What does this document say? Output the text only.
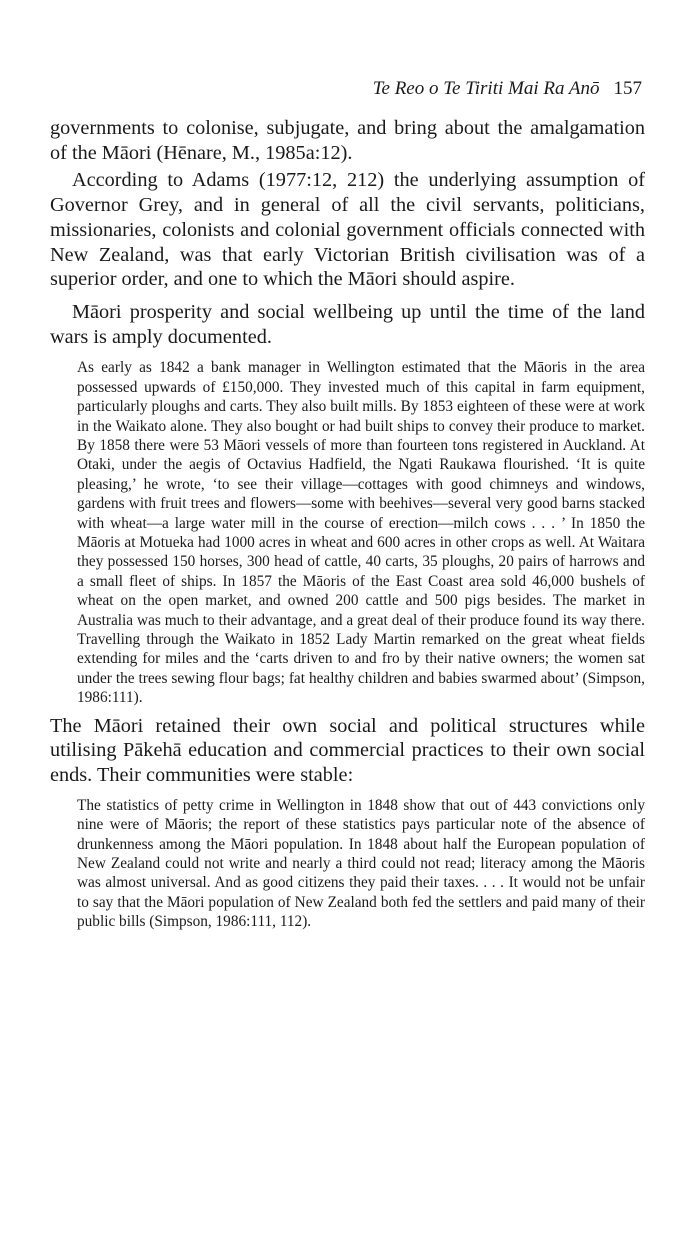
Te Reo o Te Tiriti Mai Ra Anō 157

governments to colonise, subjugate, and bring about the amalgamation of the Māori (Hēnare, M., 1985a:12).

According to Adams (1977:12, 212) the underlying assumption of Governor Grey, and in general of all the civil servants, politicians, missionaries, colonists and colonial government officials connected with New Zealand, was that early Victorian British civilisation was of a superior order, and one to which the Māori should aspire.

Māori prosperity and social wellbeing up until the time of the land wars is amply documented.

As early as 1842 a bank manager in Wellington estimated that the Māoris in the area possessed upwards of £150,000. They invested much of this capital in farm equipment, particularly ploughs and carts. They also built mills. By 1853 eighteen of these were at work in the Waikato alone. They also bought or had built ships to convey their produce to market. By 1858 there were 53 Māori vessels of more than fourteen tons registered in Auckland. At Otaki, under the aegis of Octavius Hadfield, the Ngati Raukawa flourished. ‘It is quite pleasing,’ he wrote, ‘to see their village—cottages with good chimneys and windows, gardens with fruit trees and flowers—some with beehives—several very good barns stacked with wheat—a large water mill in the course of erection—milch cows . . . ’ In 1850 the Māoris at Motueka had 1000 acres in wheat and 600 acres in other crops as well. At Waitara they possessed 150 horses, 300 head of cattle, 40 carts, 35 ploughs, 20 pairs of harrows and a small fleet of ships. In 1857 the Māoris of the East Coast area sold 46,000 bushels of wheat on the open market, and owned 200 cattle and 500 pigs besides. The market in Australia was much to their advantage, and a great deal of their produce found its way there. Travelling through the Waikato in 1852 Lady Martin remarked on the great wheat fields extending for miles and the ‘carts driven to and fro by their native owners; the women sat under the trees sewing flour bags; fat healthy children and babies swarmed about’ (Simpson, 1986:111).

The Māori retained their own social and political structures while utilising Pākehā education and commercial practices to their own social ends. Their communities were stable:

The statistics of petty crime in Wellington in 1848 show that out of 443 convictions only nine were of Māoris; the report of these statistics pays particular note of the absence of drunkenness among the Māori population. In 1848 about half the European population of New Zealand could not write and nearly a third could not read; literacy among the Māoris was almost universal. And as good citizens they paid their taxes. . . . It would not be unfair to say that the Māori population of New Zealand both fed the settlers and paid many of their public bills (Simpson, 1986:111, 112).
